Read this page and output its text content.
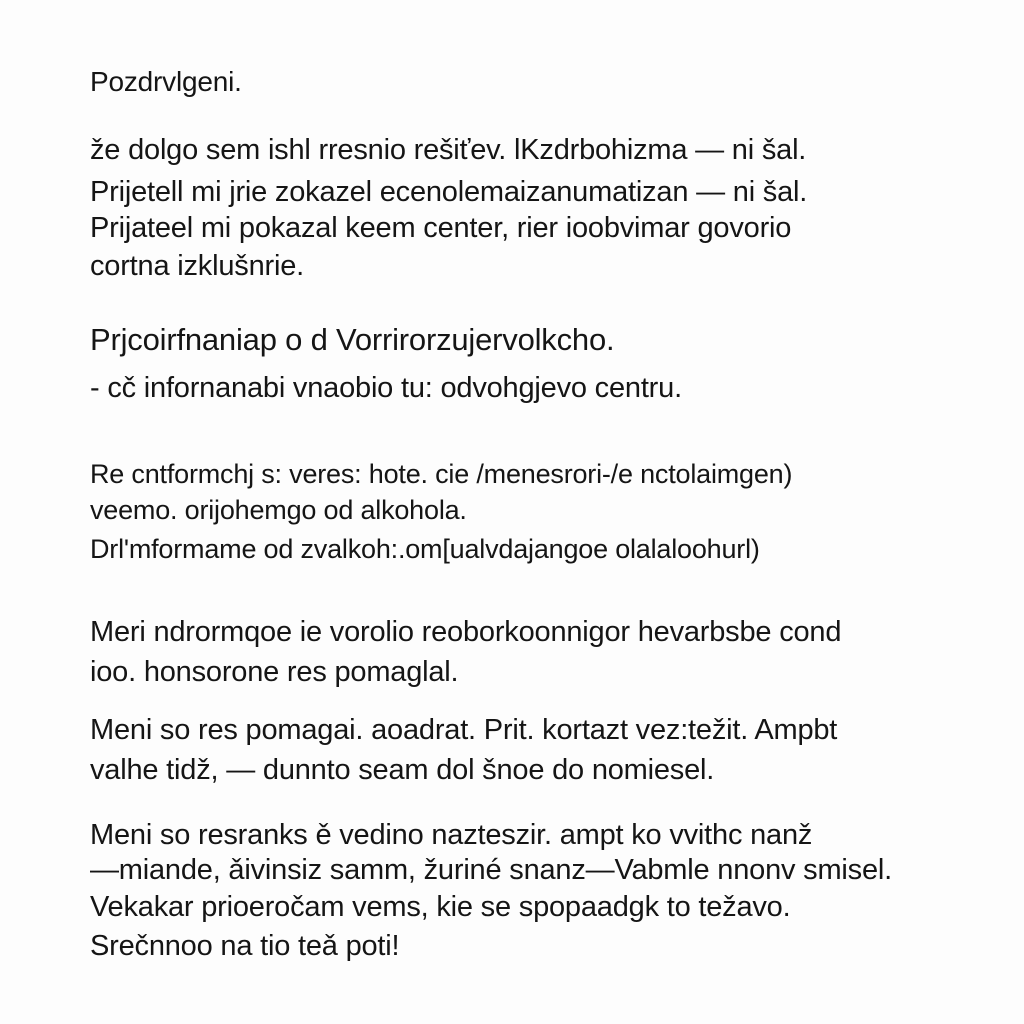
Pozdrvlgeni.
že dolgo sem ishl rresnio rešiťev. lKzdrbohizma — ni šal.
Prijetell mi jrie zokazel ecenolemaizanumatizan — ni šal.
Prijateel mi pokazal keem center, rier ioobvimar govorio
cortna izklušnrie.
Prjcoirfnaniap o d Vorrirorzujervolkcho.
- cč infornanabi vnaobio tu: odvohgjevo centru.
Re cntformchj s: veres: hote. cie /menesrori-/e nctolaimgen)
veemo. orijohemgo od alkohola.
Drl'mformame od zvalkoh:.om[ualvdajangoe olalaloohurl)
Meri ndrormqoe ie vorolio reoborkoonnigor hevarbsbe cond
ioo. honsorone res pomaglal.
Meni so res pomagai. aoadrat. Prit. kortazt vez:težit. Ampbt
valhe tidž, — dunnto seam dol šnoe do nomiesel.
Meni so resranks ě vedino nazteszir. ampt ko vvithc nanž
—miande, ǎivinsiz samm, žuriné snanz—Vabmle nnonv smisel.
Vekakar prioeročam vems, kie se spopaadgk to težavo.
Srečnnoo na tio teǎ poti!
